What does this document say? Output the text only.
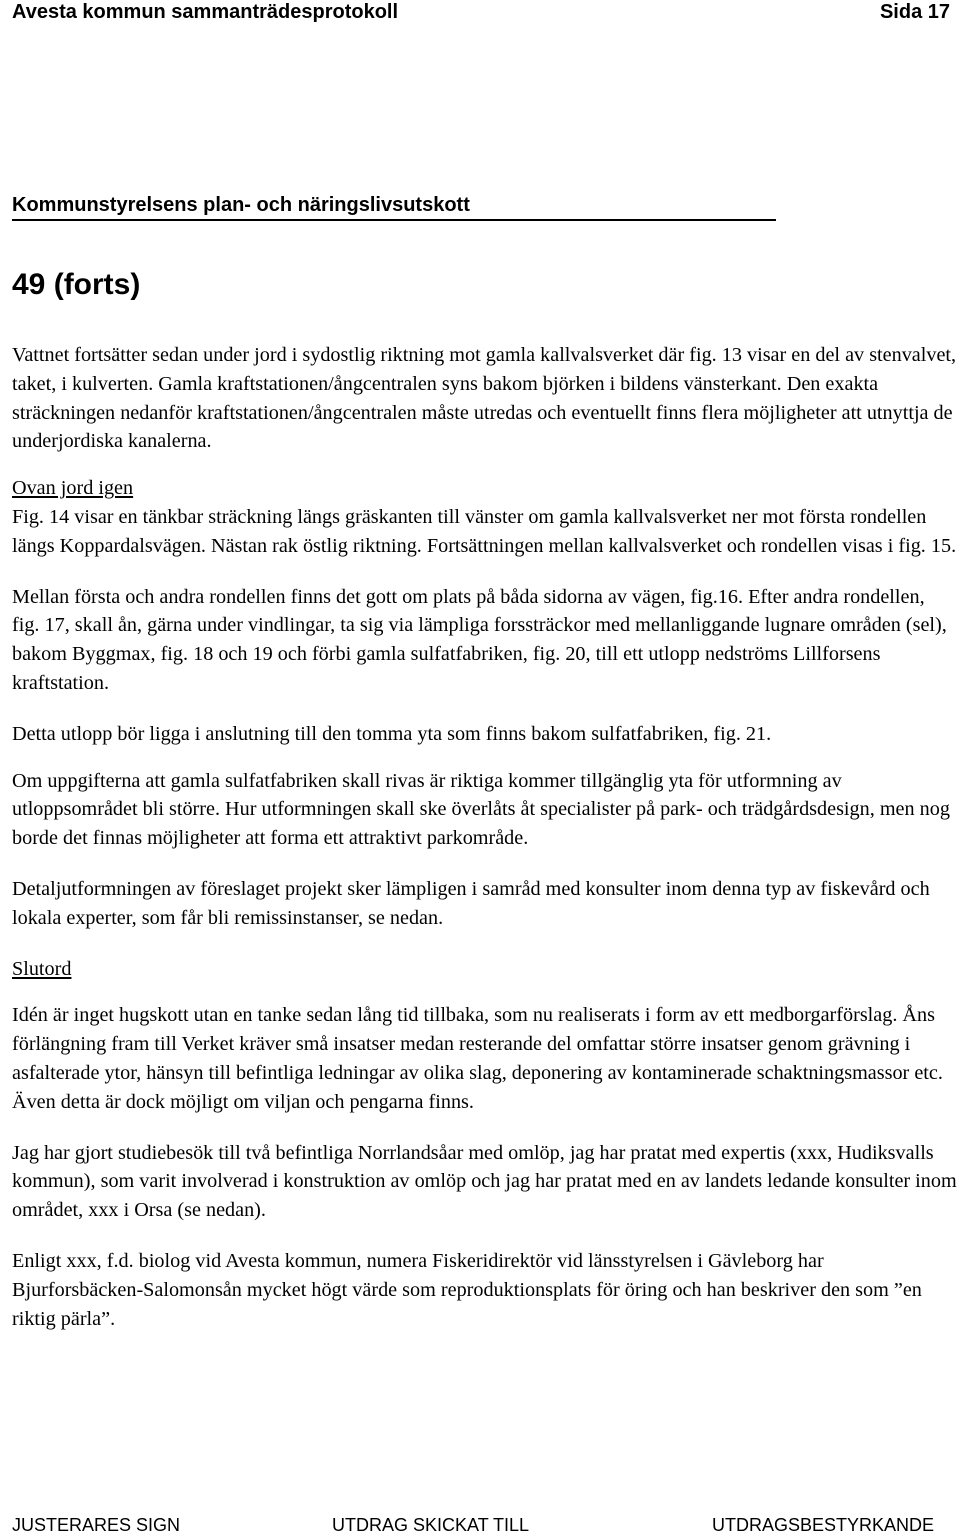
Avesta kommun sammanträdesprotokoll	Sida 17
Kommunstyrelsens plan- och näringslivsutskott
49 (forts)

Vattnet fortsätter sedan under jord i sydostlig riktning mot gamla kallvalsverket där fig. 13 visar en del av stenvalvet, taket, i kulverten. Gamla kraftstationen/ångcentralen syns bakom björken i bildens vänsterkant. Den exakta sträckningen nedanför kraftstationen/ångcentralen måste utredas och eventuellt finns flera möjligheter att utnyttja de underjordiska kanalerna.

Ovan jord igen

Fig. 14 visar en tänkbar sträckning längs gräskanten till vänster om gamla kallvalsverket ner mot första rondellen längs Koppardalsvägen. Nästan rak östlig riktning. Fortsättningen mellan kallvalsverket och rondellen visas i fig. 15.

Mellan första och andra rondellen finns det gott om plats på båda sidorna av vägen, fig.16. Efter andra rondellen, fig. 17, skall ån, gärna under vindlingar, ta sig via lämpliga forssträckor med mellanliggande lugnare områden (sel), bakom Byggmax, fig. 18 och 19 och förbi gamla sulfatfabriken, fig. 20, till ett utlopp nedströms Lillforsens kraftstation.

Detta utlopp bör ligga i anslutning till den tomma yta som finns bakom sulfatfabriken, fig. 21.

Om uppgifterna att gamla sulfatfabriken skall rivas är riktiga kommer tillgänglig yta för utformning av utloppsområdet bli större. Hur utformningen skall ske överlåts åt specialister på park- och trädgårdsdesign, men nog borde det finnas möjligheter att forma ett attraktivt parkområde.

Detaljutformningen av föreslaget projekt sker lämpligen i samråd med konsulter inom denna typ av fiskevård och lokala experter, som får bli remissinstanser, se nedan.

Slutord

Idén är inget hugskott utan en tanke sedan lång tid tillbaka, som nu realiserats i form av ett medborgarförslag. Åns förlängning fram till Verket kräver små insatser medan resterande del omfattar större insatser genom grävning i asfalterade ytor, hänsyn till befintliga ledningar av olika slag, deponering av kontaminerade schaktningsmassor etc. Även detta är dock möjligt om viljan och pengarna finns.

Jag har gjort studiebesök till två befintliga Norrlandsåar med omlöp, jag har pratat med expertis (xxx, Hudiksvalls kommun), som varit involverad i konstruktion av omlöp och jag har pratat med en av landets ledande konsulter inom området, xxx i Orsa (se nedan).

Enligt xxx, f.d. biolog vid Avesta kommun, numera Fiskeridirektör vid länsstyrelsen i Gävleborg har Bjurforsbäcken-Salomonsån mycket högt värde som reproduktionsplats för öring och han beskriver den som ”en riktig pärla”.

JUSTERARES SIGN	UTDRAG SKICKAT TILL	UTDRAGSBESTYRKANDE
